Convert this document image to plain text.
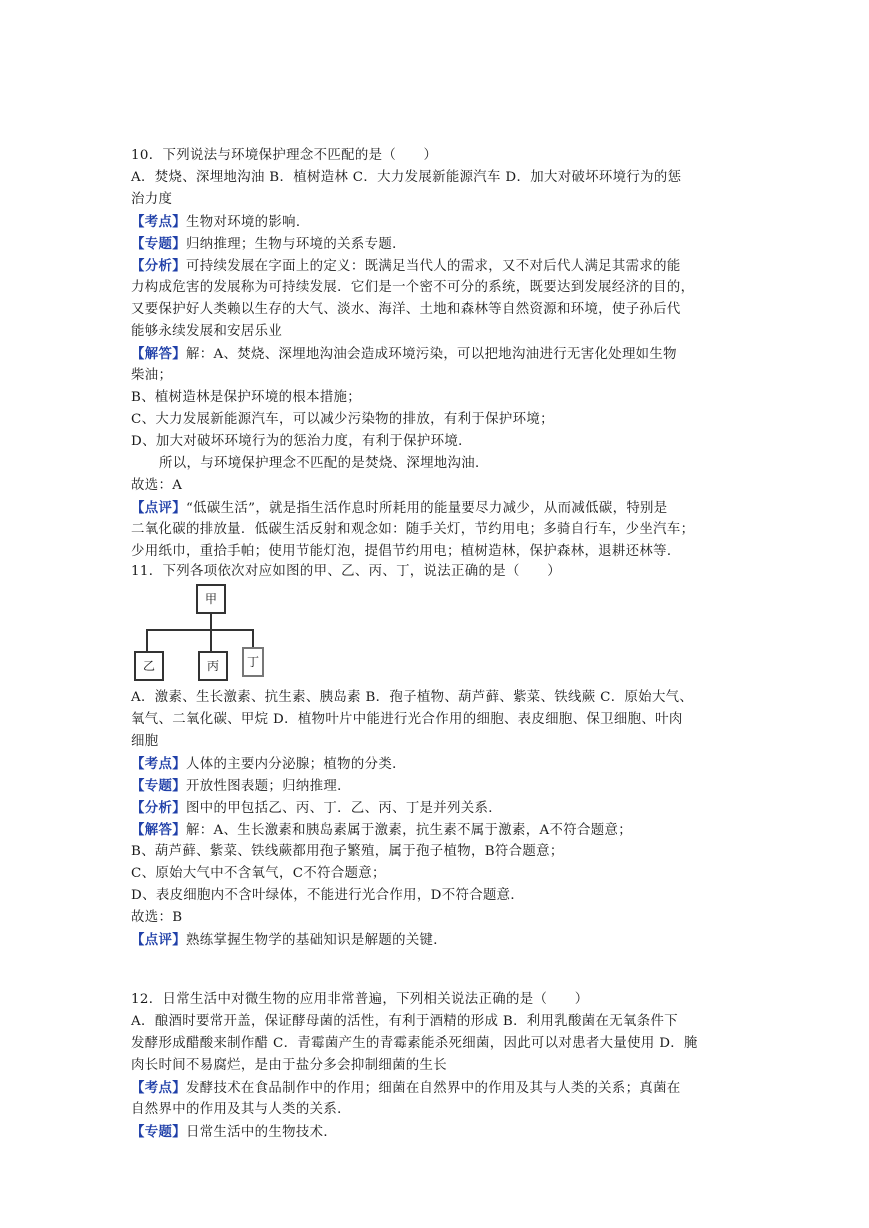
10．下列说法与环境保护理念不匹配的是（　　）
A．焚烧、深埋地沟油 B．植树造林 C．大力发展新能源汽车 D．加大对破坏环境行为的惩
治力度
【考点】生物对环境的影响．
【专题】归纳推理；生物与环境的关系专题．
【分析】可持续发展在字面上的定义：既满足当代人的需求，又不对后代人满足其需求的能
力构成危害的发展称为可持续发展．它们是一个密不可分的系统，既要达到发展经济的目的，
又要保护好人类赖以生存的大气、淡水、海洋、土地和森林等自然资源和环境，使子孙后代
能够永续发展和安居乐业
【解答】解：A、焚烧、深埋地沟油会造成环境污染，可以把地沟油进行无害化处理如生物
柴油；
B、植树造林是保护环境的根本措施；
C、大力发展新能源汽车，可以减少污染物的排放，有利于保护环境；
D、加大对破坏环境行为的惩治力度，有利于保护环境．
所以，与环境保护理念不匹配的是焚烧、深埋地沟油．
故选：A
【点评】“低碳生活”，就是指生活作息时所耗用的能量要尽力减少，从而减低碳，特别是
二氧化碳的排放量．低碳生活反射和观念如：随手关灯，节约用电；多骑自行车，少坐汽车；
少用纸巾，重拾手帕；使用节能灯泡，提倡节约用电；植树造林，保护森林，退耕还林等．
11．下列各项依次对应如图的甲、乙、丙、丁，说法正确的是（　　）
甲
乙	丙	丁
A．激素、生长激素、抗生素、胰岛素 B．孢子植物、葫芦藓、紫菜、铁线蕨 C．原始大气、
氧气、二氧化碳、甲烷 D．植物叶片中能进行光合作用的细胞、表皮细胞、保卫细胞、叶肉
细胞
【考点】人体的主要内分泌腺；植物的分类．
【专题】开放性图表题；归纳推理．
【分析】图中的甲包括乙、丙、丁．乙、丙、丁是并列关系．
【解答】解：A、生长激素和胰岛素属于激素，抗生素不属于激素，A不符合题意；
B、葫芦藓、紫菜、铁线蕨都用孢子繁殖，属于孢子植物，B符合题意；
C、原始大气中不含氧气，C不符合题意；
D、表皮细胞内不含叶绿体，不能进行光合作用，D不符合题意．
故选：B
【点评】熟练掌握生物学的基础知识是解题的关键．
12．日常生活中对微生物的应用非常普遍，下列相关说法正确的是（　　）
A．酿酒时要常开盖，保证酵母菌的活性，有利于酒精的形成 B．利用乳酸菌在无氧条件下
发酵形成醋酸来制作醋 C．青霉菌产生的青霉素能杀死细菌，因此可以对患者大量使用 D．腌
肉长时间不易腐烂，是由于盐分多会抑制细菌的生长
【考点】发酵技术在食品制作中的作用；细菌在自然界中的作用及其与人类的关系；真菌在
自然界中的作用及其与人类的关系．
【专题】日常生活中的生物技术．
